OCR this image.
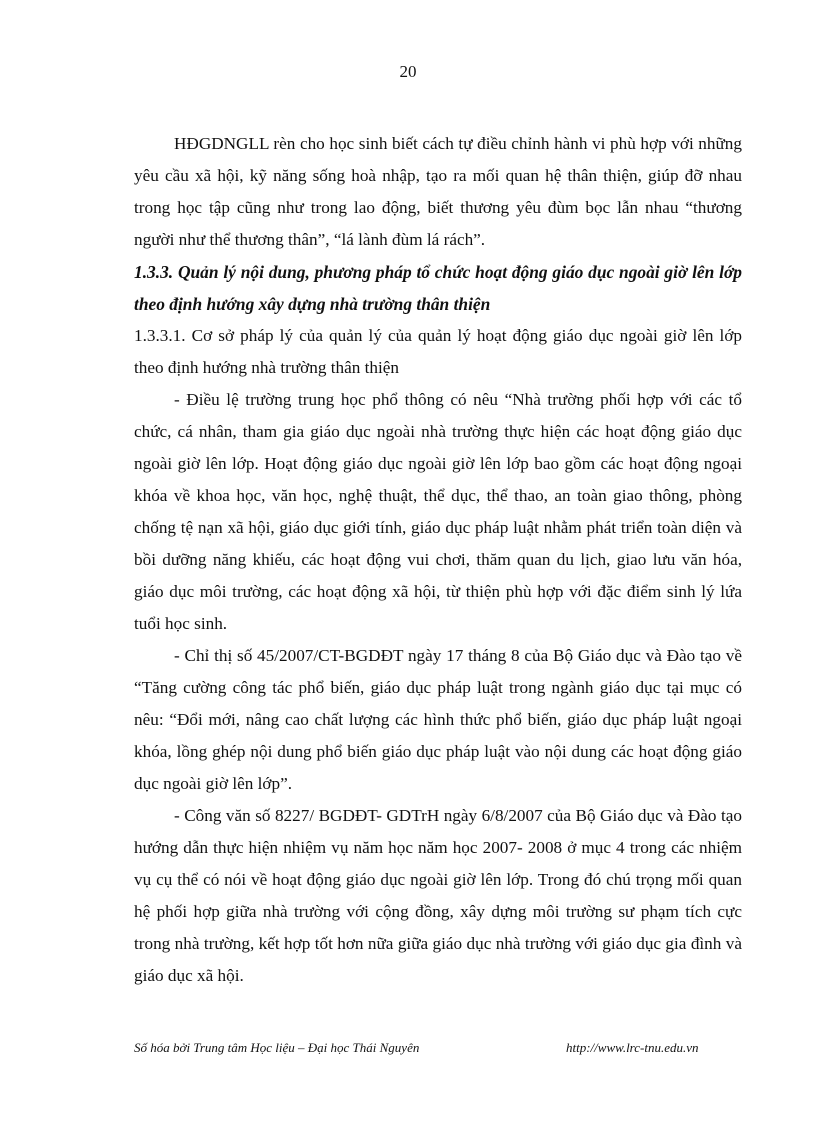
20

HĐGDNGLL rèn cho học sinh biết cách tự điều chỉnh hành vi phù hợp với những yêu cầu xã hội, kỹ năng sống hoà nhập, tạo ra mối quan hệ thân thiện, giúp đỡ nhau trong học tập cũng như trong lao động, biết thương yêu đùm bọc lẫn nhau “thương người như thể thương thân”, “lá lành đùm lá rách”.

1.3.3. Quản lý nội dung, phương pháp tổ chức hoạt động giáo dục ngoài giờ lên lớp theo định hướng xây dựng nhà trường thân thiện

1.3.3.1. Cơ sở pháp lý của quản lý của quản lý hoạt động giáo dục ngoài giờ lên lớp theo định hướng nhà trường thân thiện

- Điều lệ trường trung học phổ thông có nêu “Nhà trường phối hợp với các tổ chức, cá nhân, tham gia giáo dục ngoài nhà trường thực hiện các hoạt động giáo dục ngoài giờ lên lớp. Hoạt động giáo dục ngoài giờ lên lớp bao gồm các hoạt động ngoại khóa về khoa học, văn học, nghệ thuật, thể dục, thể thao, an toàn giao thông, phòng chống tệ nạn xã hội, giáo dục giới tính, giáo dục pháp luật nhằm phát triển toàn diện và bồi dưỡng năng khiếu, các hoạt động vui chơi, thăm quan du lịch, giao lưu văn hóa, giáo dục môi trường, các hoạt động xã hội, từ thiện phù hợp với đặc điểm sinh lý lứa tuổi học sinh.

- Chỉ thị số 45/2007/CT-BGDĐT ngày 17 tháng 8 của Bộ Giáo dục và Đào tạo về “Tăng cường công tác phổ biến, giáo dục pháp luật trong ngành giáo dục tại mục có nêu: “Đổi mới, nâng cao chất lượng các hình thức phổ biến, giáo dục pháp luật ngoại khóa, lồng ghép nội dung phổ biến giáo dục pháp luật vào nội dung các hoạt động giáo dục ngoài giờ lên lớp”.

- Công văn số 8227/ BGDĐT- GDTrH ngày 6/8/2007 của Bộ Giáo dục và Đào tạo hướng dẫn thực hiện nhiệm vụ năm học năm học 2007- 2008 ở mục 4 trong các nhiệm vụ cụ thể có nói về hoạt động giáo dục ngoài giờ lên lớp. Trong đó chú trọng mối quan hệ phối hợp giữa nhà trường với cộng đồng, xây dựng môi trường sư phạm tích cực trong nhà trường, kết hợp tốt hơn nữa giữa giáo dục nhà trường với giáo dục gia đình và giáo dục xã hội.

Số hóa bởi Trung tâm Học liệu – Đại học Thái Nguyên	http://www.lrc-tnu.edu.vn
